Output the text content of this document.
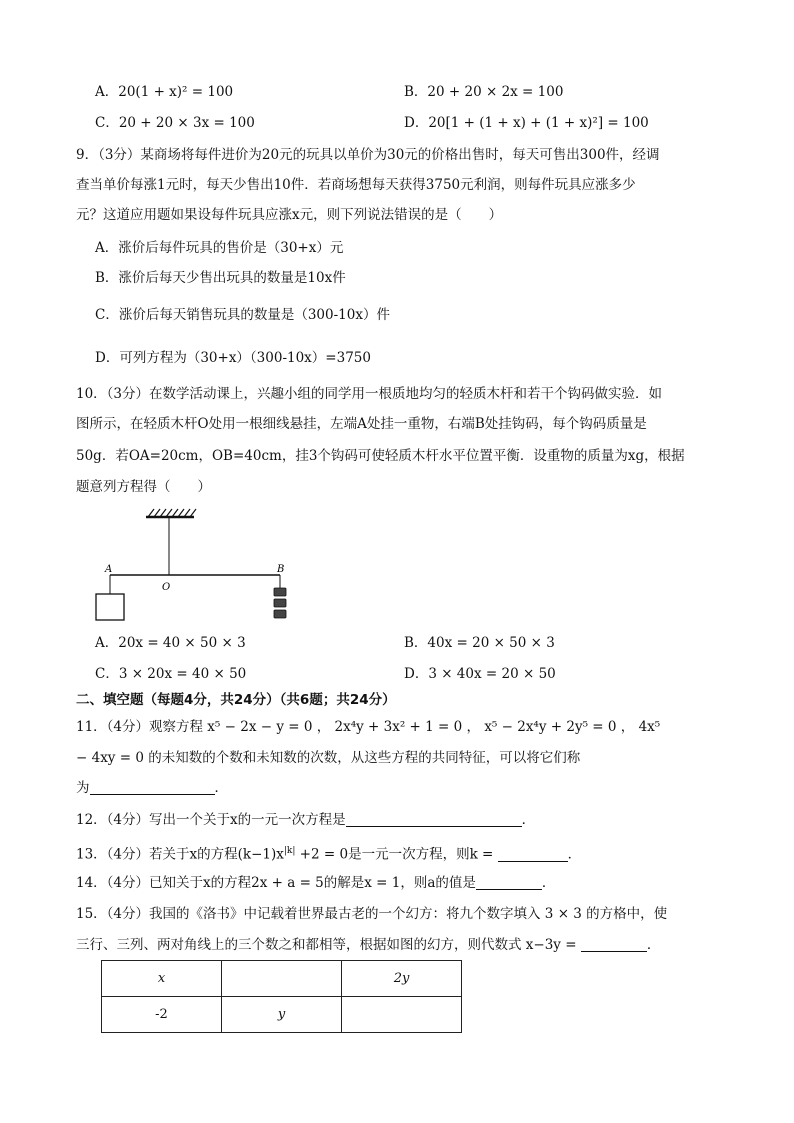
A．20(1 + x)² = 100	B．20 + 20 × 2x = 100
C．20 + 20 × 3x = 100	D．20[1 + (1 + x) + (1 + x)²] = 100
9．（3分）某商场将每件进价为20元的玩具以单价为30元的价格出售时，每天可售出300件，经调
查当单价每涨1元时，每天少售出10件．若商场想每天获得3750元利润，则每件玩具应涨多少
元？这道应用题如果设每件玩具应涨x元，则下列说法错误的是（　　）
A．涨价后每件玩具的售价是（30+x）元
B．涨价后每天少售出玩具的数量是10x件
C．涨价后每天销售玩具的数量是（300-10x）件
D．可列方程为（30+x）（300-10x）=3750
10．（3分）在数学活动课上，兴趣小组的同学用一根质地均匀的轻质木杆和若干个钩码做实验．如
图所示，在轻质木杆O处用一根细线悬挂，左端A处挂一重物，右端B处挂钩码，每个钩码质量是
50g．若OA=20cm，OB=40cm，挂3个钩码可使轻质木杆水平位置平衡．设重物的质量为xg，根据
题意列方程得（　　）
A
O
B
A．20x = 40 × 50 × 3	B．40x = 20 × 50 × 3
C．3 × 20x = 40 × 50	D．3 × 40x = 20 × 50
二、填空题（每题4分，共24分）（共6题；共24分）
11．（4分）观察方程 x⁵ − 2x − y = 0 ， 2x⁴y + 3x² + 1 = 0 ， x⁵ − 2x⁴y + 2y⁵ = 0 ， 4x⁵
− 4xy = 0 的未知数的个数和未知数的次数，从这些方程的共同特征，可以将它们称
为	．
12．（4分）写出一个关于x的一元一次方程是	．
13．（4分）若关于x的方程$(k-1)x^{|k|} +2 = 0$是一元一次方程，则k =	．
14．（4分）已知关于x的方程2x + a = 5的解是x = 1，则a的值是	．
15．（4分）我国的《洛书》中记载着世界最古老的一个幻方：将九个数字填入 3 × 3 的方格中，使
三行、三列、两对角线上的三个数之和都相等，根据如图的幻方，则代数式 x−3y =	．
x		2y
-2	y	
